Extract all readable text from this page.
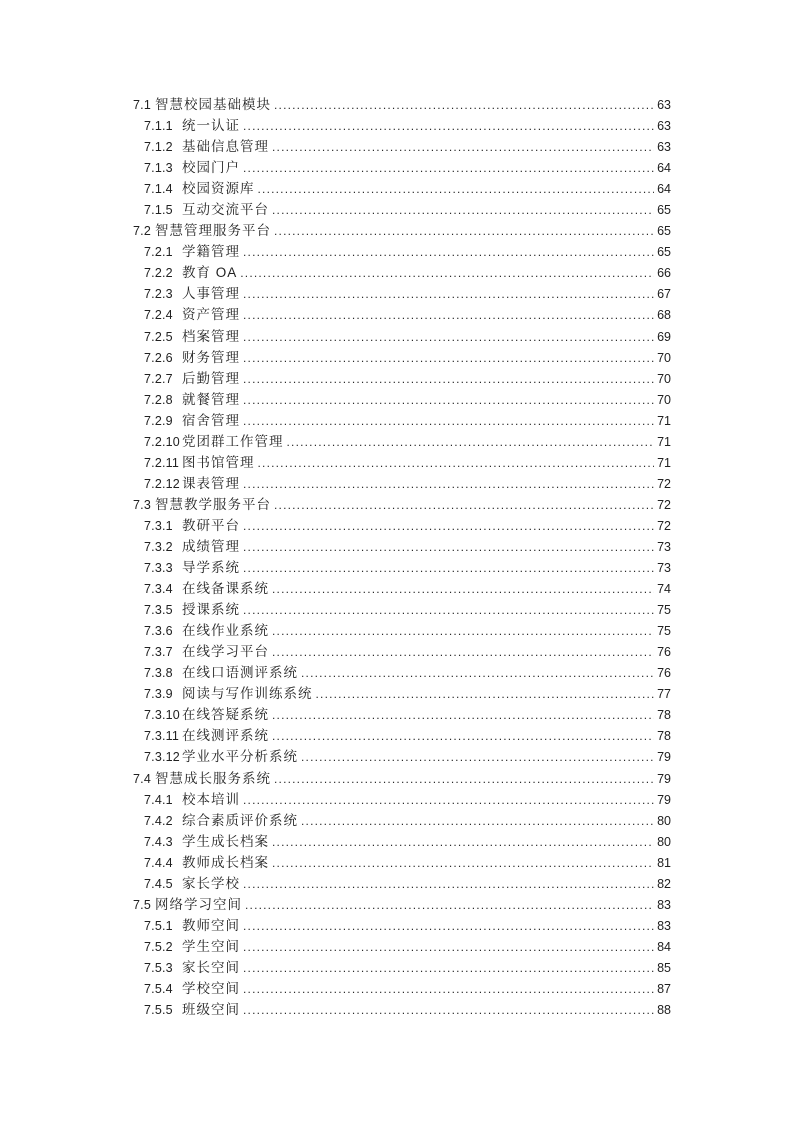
7.1 智慧校园基础模块 .....	63
7.1.1 统一认证 .....	63
7.1.2 基础信息管理 .....	63
7.1.3 校园门户 .....	64
7.1.4 校园资源库 .....	64
7.1.5 互动交流平台 .....	65
7.2 智慧管理服务平台 .....	65
7.2.1 学籍管理 .....	65
7.2.2 教育 OA .....	66
7.2.3 人事管理 .....	67
7.2.4 资产管理 .....	68
7.2.5 档案管理 .....	69
7.2.6 财务管理 .....	70
7.2.7 后勤管理 .....	70
7.2.8 就餐管理 .....	70
7.2.9 宿舍管理 .....	71
7.2.10 党团群工作管理 .....	71
7.2.11 图书馆管理 .....	71
7.2.12 课表管理 .....	72
7.3 智慧教学服务平台 .....	72
7.3.1 教研平台 .....	72
7.3.2 成绩管理 .....	73
7.3.3 导学系统 .....	73
7.3.4 在线备课系统 .....	74
7.3.5 授课系统 .....	75
7.3.6 在线作业系统 .....	75
7.3.7 在线学习平台 .....	76
7.3.8 在线口语测评系统 .....	76
7.3.9 阅读与写作训练系统 .....	77
7.3.10 在线答疑系统 .....	78
7.3.11 在线测评系统 .....	78
7.3.12 学业水平分析系统 .....	79
7.4 智慧成长服务系统 .....	79
7.4.1 校本培训 .....	79
7.4.2 综合素质评价系统 .....	80
7.4.3 学生成长档案 .....	80
7.4.4 教师成长档案 .....	81
7.4.5 家长学校 .....	82
7.5 网络学习空间 .....	83
7.5.1 教师空间 .....	83
7.5.2 学生空间 .....	84
7.5.3 家长空间 .....	85
7.5.4 学校空间 .....	87
7.5.5 班级空间 .....	88
